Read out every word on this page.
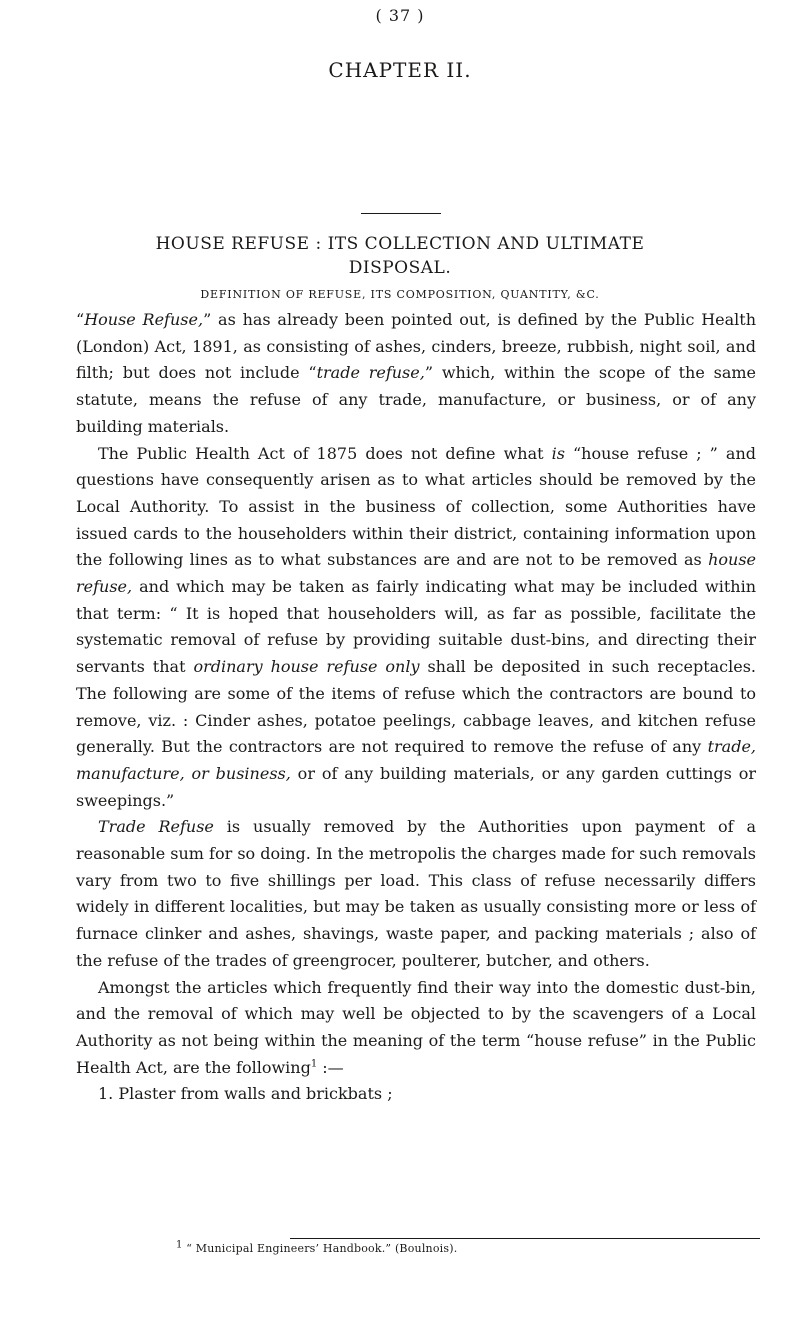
( 37 )
CHAPTER II.
HOUSE REFUSE : ITS COLLECTION AND ULTIMATE
DISPOSAL.
DEFINITION OF REFUSE, ITS COMPOSITION, QUANTITY, &C.

“House Refuse,” as has already been pointed out, is defined by the Public Health (London) Act, 1891, as consisting of ashes, cinders, breeze, rubbish, night soil, and filth; but does not include “trade refuse,” which, within the scope of the same statute, means the refuse of any trade, manufacture, or business, or of any building materials.

The Public Health Act of 1875 does not define what is “house refuse ; ” and questions have consequently arisen as to what articles should be removed by the Local Authority. To assist in the business of collection, some Authorities have issued cards to the householders within their district, containing information upon the following lines as to what substances are and are not to be removed as house refuse, and which may be taken as fairly indicating what may be included within that term: “ It is hoped that householders will, as far as possible, facilitate the systematic removal of refuse by providing suitable dust-bins, and directing their servants that ordinary house refuse only shall be deposited in such receptacles. The following are some of the items of refuse which the contractors are bound to remove, viz. : Cinder ashes, potatoe peelings, cabbage leaves, and kitchen refuse generally. But the contractors are not required to remove the refuse of any trade, manufacture, or business, or of any building materials, or any garden cuttings or sweepings.”

Trade Refuse is usually removed by the Authorities upon payment of a reasonable sum for so doing. In the metropolis the charges made for such removals vary from two to five shillings per load. This class of refuse necessarily differs widely in different localities, but may be taken as usually consisting more or less of furnace clinker and ashes, shavings, waste paper, and packing materials ; also of the refuse of the trades of greengrocer, poulterer, butcher, and others.

Amongst the articles which frequently find their way into the domestic dust-bin, and the removal of which may well be objected to by the scavengers of a Local Authority as not being within the meaning of the term “house refuse” in the Public Health Act, are the following$^1$ :—

1. Plaster from walls and brickbats ;

$^1$ “ Municipal Engineers’ Handbook.” (Boulnois).
